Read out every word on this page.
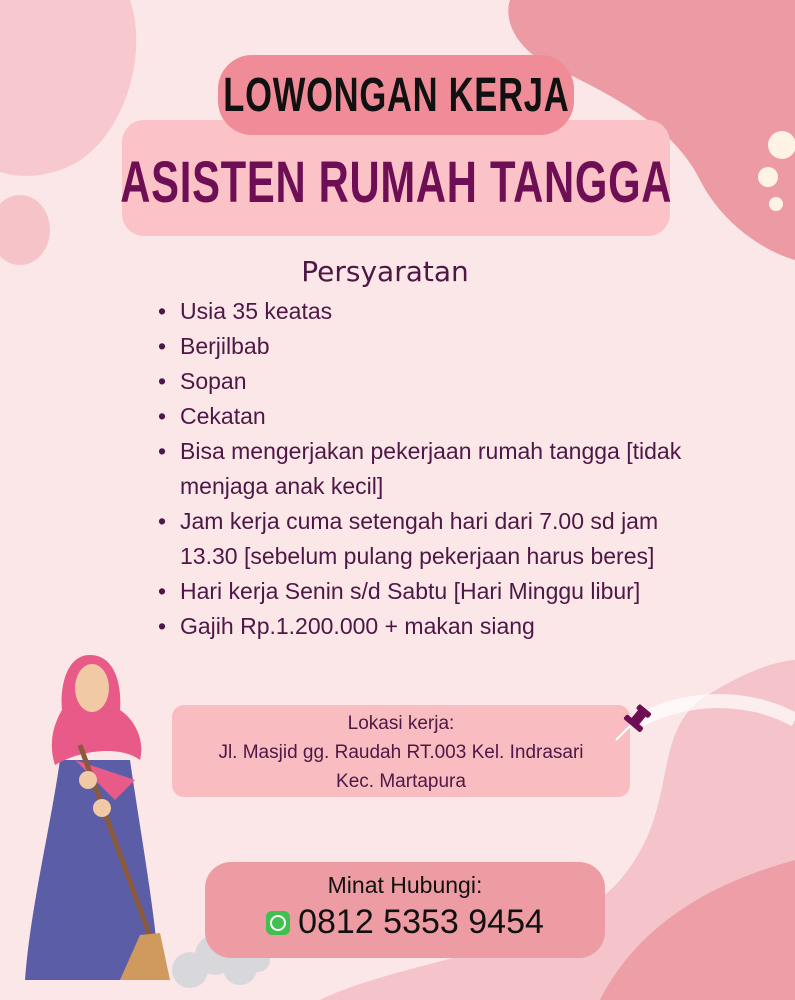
LOWONGAN KERJA
ASISTEN RUMAH TANGGA
Persyaratan
• Usia 35 keatas
• Berjilbab
• Sopan
• Cekatan
• Bisa mengerjakan pekerjaan rumah tangga [tidak menjaga anak kecil]
• Jam kerja cuma setengah hari dari 7.00 sd jam 13.30 [sebelum pulang pekerjaan harus beres]
• Hari kerja Senin s/d Sabtu [Hari Minggu libur]
• Gajih Rp.1.200.000 + makan siang
Lokasi kerja:
Jl. Masjid gg. Raudah RT.003 Kel. Indrasari
Kec. Martapura
Minat Hubungi:
0812 5353 9454
